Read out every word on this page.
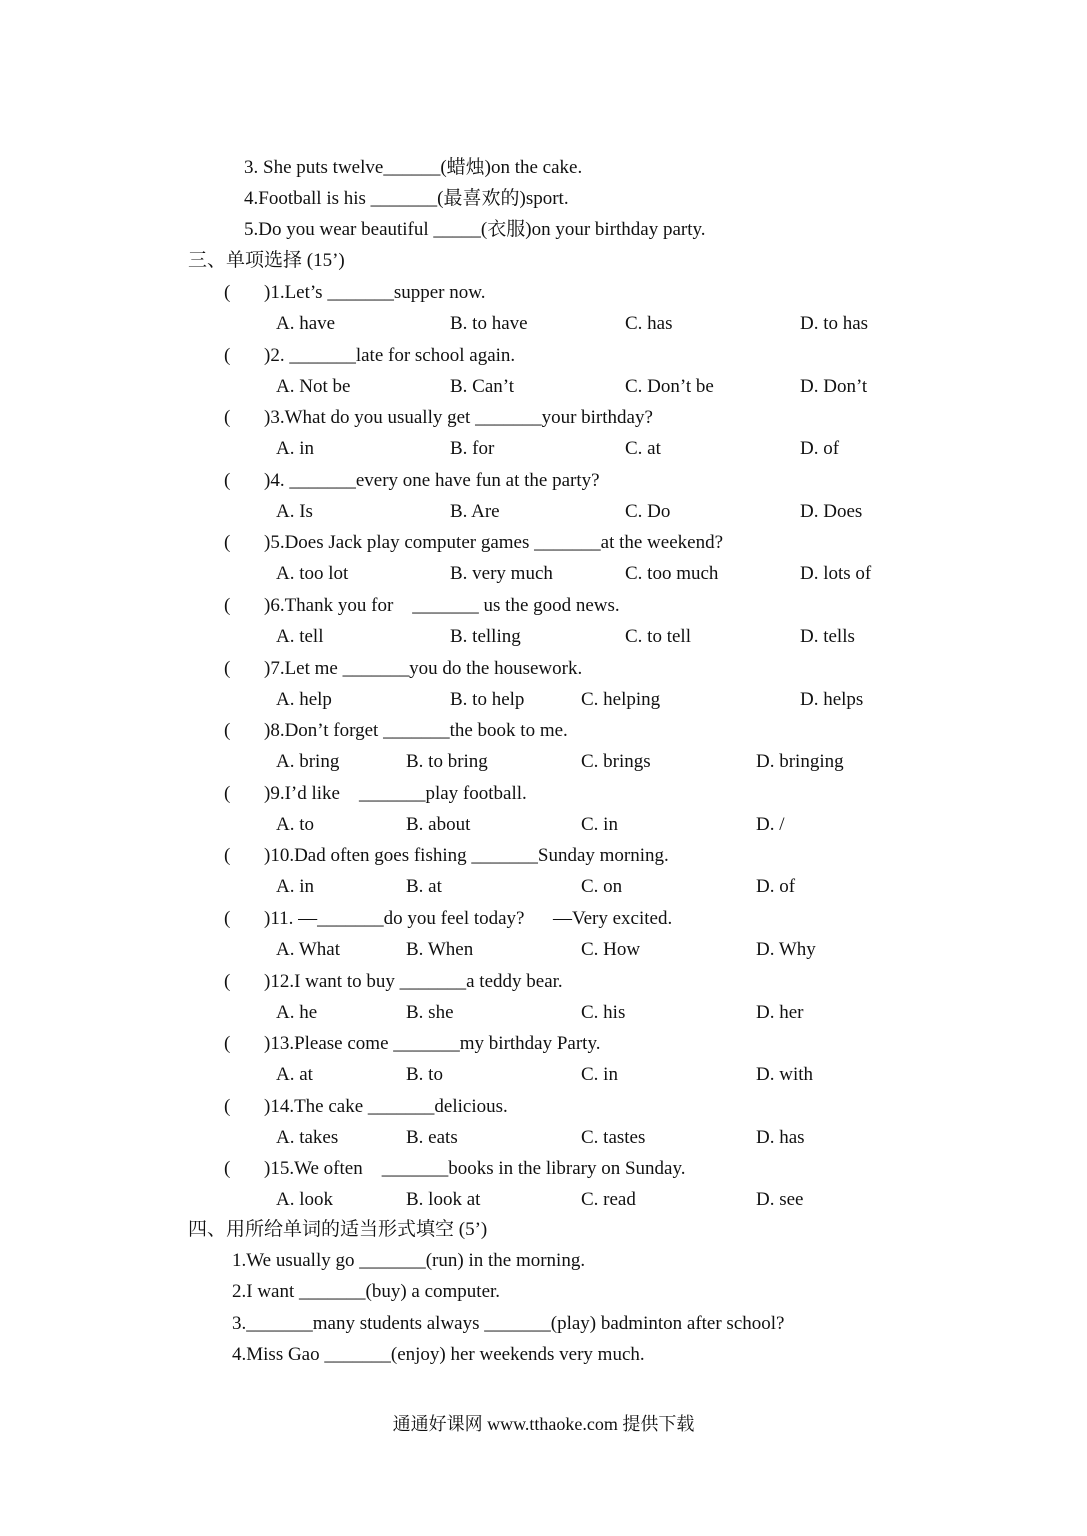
3. She puts twelve______(蜡烛)on the cake.
4.Football is his _______(最喜欢的)sport.
5.Do you wear beautiful _____(衣服)on your birthday party.
三、单项选择 (15’)
( )1.Let’s _______supper now.
A. have	B. to have	C. has	D. to has
( )2. _______late for school again.
A. Not be	B. Can’t	C. Don’t be	D. Don’t
( )3.What do you usually get _______your birthday?
A. in	B. for	C. at	D. of
( )4. _______every one have fun at the party?
A. Is	B. Are	C. Do	D. Does
( )5.Does Jack play computer games _______at the weekend?
A. too lot	B. very much	C. too much	D. lots of
( )6.Thank you for    _______ us the good news.
A. tell	B. telling	C. to tell	D. tells
( )7.Let me _______you do the housework.
A. help	B. to help	C. helping	D. helps
( )8.Don’t forget _______the book to me.
A. bring	B. to bring	C. brings	D. bringing
( )9.I’d like    _______play football.
A. to	B. about	C. in	D. /
( )10.Dad often goes fishing _______Sunday morning.
A. in	B. at	C. on	D. of
( )11. —_______do you feel today?      —Very excited.
A. What	B. When	C. How	D. Why
( )12.I want to buy _______a teddy bear.
A. he	B. she	C. his	D. her
( )13.Please come _______my birthday Party.
A. at	B. to	C. in	D. with
( )14.The cake _______delicious.
A. takes	B. eats	C. tastes	D. has
( )15.We often    _______books in the library on Sunday.
A. look	B. look at	C. read	D. see
四、用所给单词的适当形式填空 (5’)
1.We usually go _______(run) in the morning.
2.I want _______(buy) a computer.
3._______many students always _______(play) badminton after school?
4.Miss Gao _______(enjoy) her weekends very much.
通通好课网 www.tthaoke.com 提供下载
